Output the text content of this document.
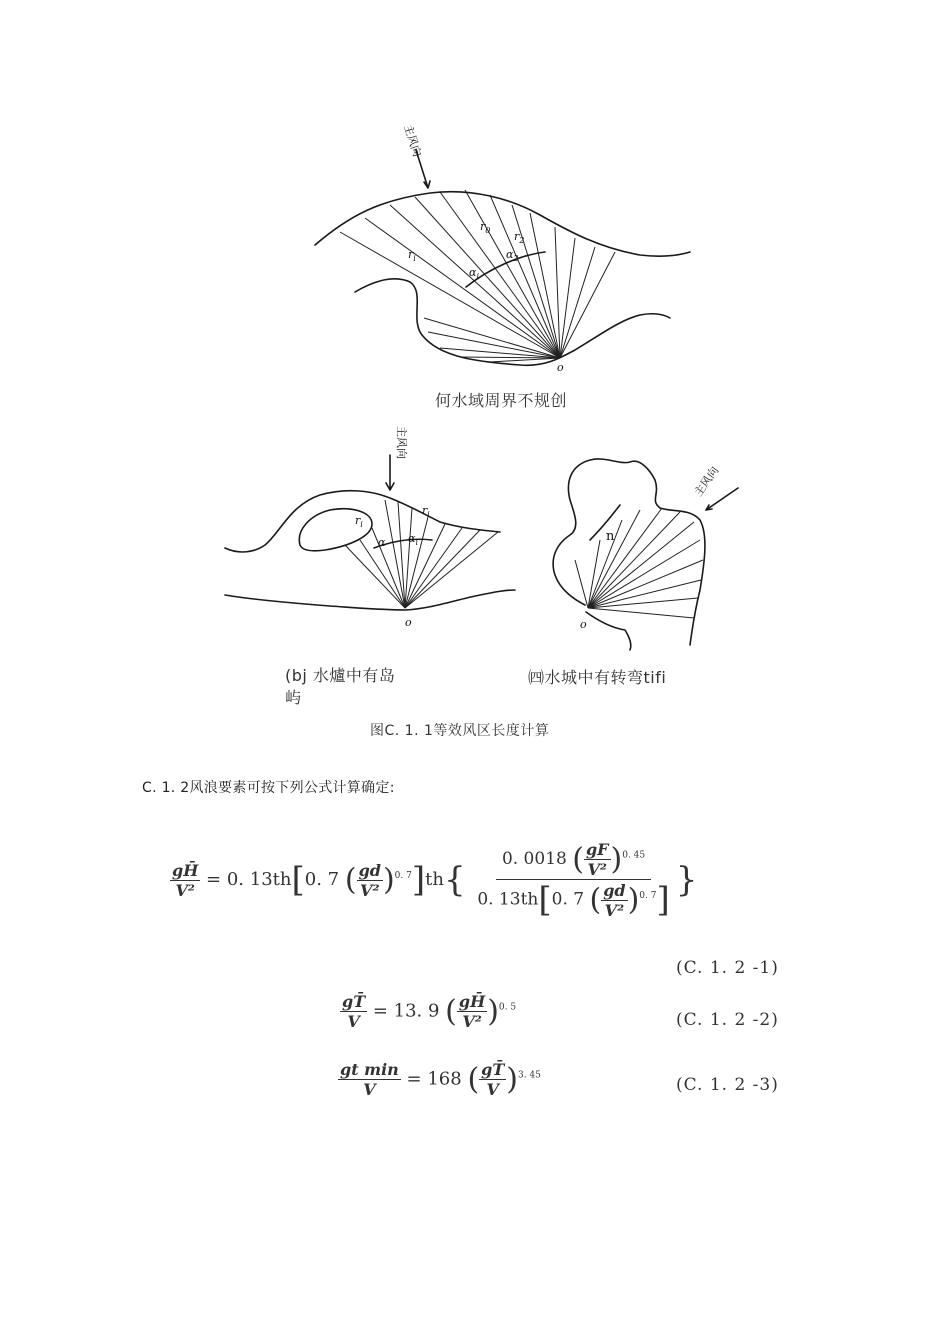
主风向
$r_i$
$r_0$ $r_2$
$\alpha_i$
$\alpha_2$
o
何水域周界不规创
主风向
$r_i$
$r_i$
α $\alpha_i$
o
(bj 水爐中有岛
屿
主风向
n
o
㈣水城中有转弯tifi
图C. 1. 1等效风区长度计算
C. 1. 2风浪要素可按下列公式计算确定:
$\frac{gH̄}{\text{V²}} = 0$. 13th[0. 7 ( $\frac{gd}{\text{V²}} )^{0. 7}]th\{ \frac{0. 0018 ( \frac{gF}{\text{V²}} )^{0. 45}}{0. 13th[0. 7 ( \frac{gd}{\text{V²}} )^{0. 7}]}$ }
(C. 1. 2 -1)
$\frac{gT̄}{V} = 13$. 9 ( $\frac{gH̄}{\text{V²}} )^{0. 5}$
(C. 1. 2 -2)
$\frac{\text{gt min}}{V} = 168$ ( $\frac{gT̄}{V} )^{3. 45}$	(C. 1. 2 -3)
